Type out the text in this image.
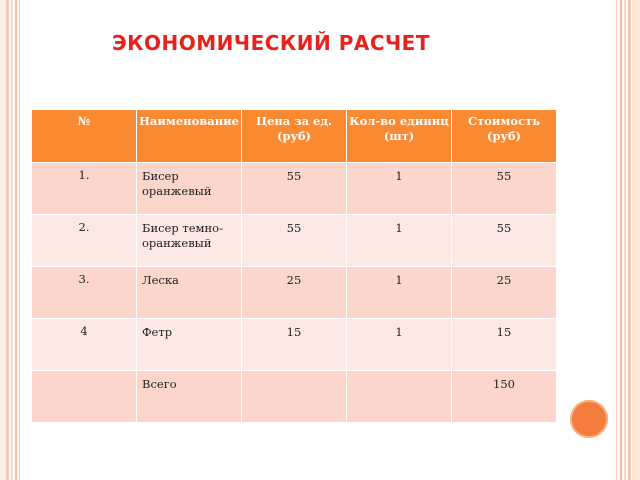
ЭКОНОМИЧЕСКИЙ РАСЧЕТ
№	Наименование	Цена за ед. (руб)	Кол-во единиц (шт)	Стоимость (руб)
1.	Бисер оранжевый	55	1	55
2.	Бисер темно-оранжевый	55	1	55
3.	Леска	25	1	25
4	Фетр	15	1	15
	Всего			150
